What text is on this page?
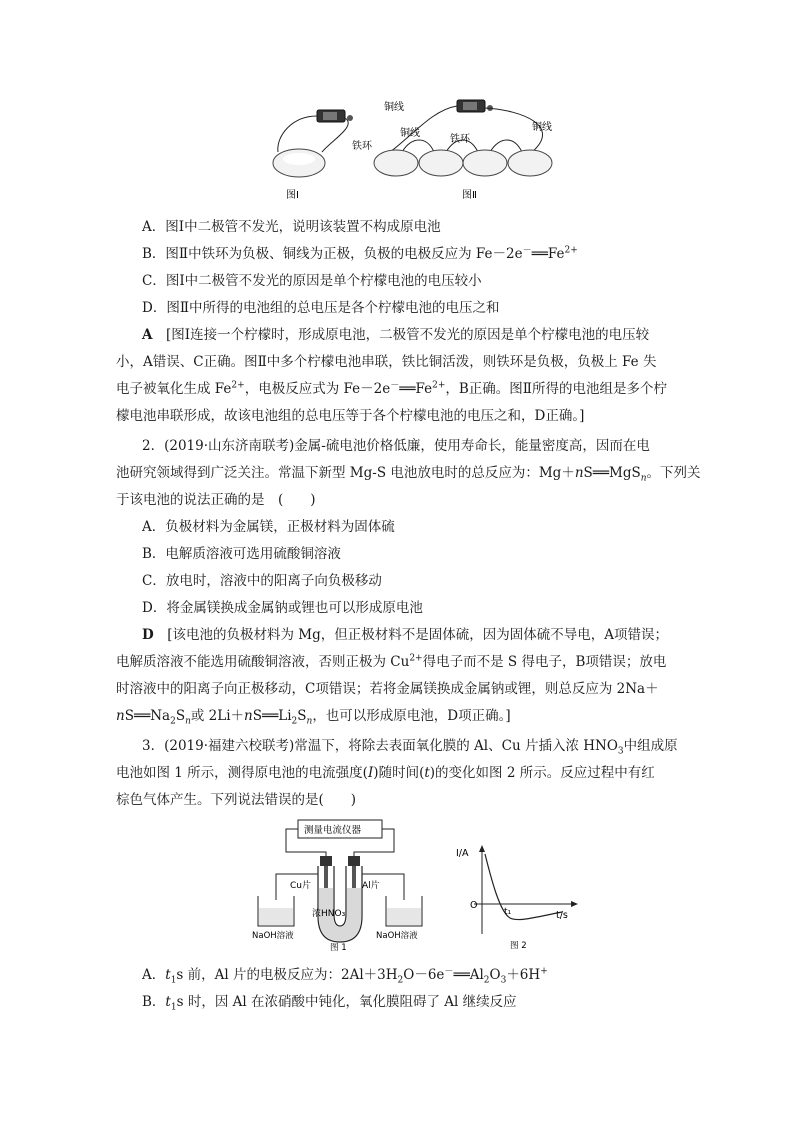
铜线
铜线
铜线
铁环
铁环
图Ⅰ	图Ⅱ
A．图Ⅰ中二极管不发光，说明该装置不构成原电池
B．图Ⅱ中铁环为负极、铜线为正极，负极的电极反应为 $Fe-2e^-══Fe^{2+}$
C．图Ⅰ中二极管不发光的原因是单个柠檬电池的电压较小
D．图Ⅱ中所得的电池组的总电压是各个柠檬电池的电压之和
A　 [图Ⅰ连接一个柠檬时，形成原电池，二极管不发光的原因是单个柠檬电池的电压较
小，A错误、C正确。图Ⅱ中多个柠檬电池串联，铁比铜活泼，则铁环是负极，负极上 Fe 失
电子被氧化生成 $Fe^{2+}$，电极反应式为 $Fe-2e^-══Fe^{2+}$，B正确。图Ⅱ所得的电池组是多个柠
檬电池串联形成，故该电池组的总电压等于各个柠檬电池的电压之和，D正确。]
2．(2019·山东济南联考)金属-硫电池价格低廉，使用寿命长，能量密度高，因而在电
池研究领域得到广泛关注。常温下新型 Mg-S 电池放电时的总反应为：Mg＋nS══MgS$_n$。下列关
于该电池的说法正确的是　(　　)
A．负极材料为金属镁，正极材料为固体硫
B．电解质溶液可选用硫酸铜溶液
C．放电时，溶液中的阳离子向负极移动
D．将金属镁换成金属钠或锂也可以形成原电池
D　 [该电池的负极材料为 Mg，但正极材料不是固体硫，因为固体硫不导电，A项错误；
电解质溶液不能选用硫酸铜溶液，否则正极为 $Cu^{2+}$得电子而不是 S 得电子，B项错误；放电
时溶液中的阳离子向正极移动，C项错误；若将金属镁换成金属钠或锂，则总反应为 2Na＋
$nS══Na_2S_n$或 $2Li+nS══Li_2S_n$，也可以形成原电池，D项正确。]
3．(2019·福建六校联考)常温下，将除去表面氧化膜的 Al、Cu 片插入浓 $HNO_3$中组成原
电池如图 1 所示，测得原电池的电流强度(I)随时间(t)的变化如图 2 所示。反应过程中有红
棕色气体产生。下列说法错误的是(　　)
测量电流仪器
Cu片	Al片
浓HNO₃
NaOH溶液	NaOH溶液
图 1
I/A
t/s
O
t₁
图 2
A．$t_1s$ 前，Al 片的电极反应为：$2Al+3H_2O-6e^-══Al_2O_3+6H^+$
B．$t_1s$ 时，因 Al 在浓硝酸中钝化，氧化膜阻碍了 Al 继续反应
